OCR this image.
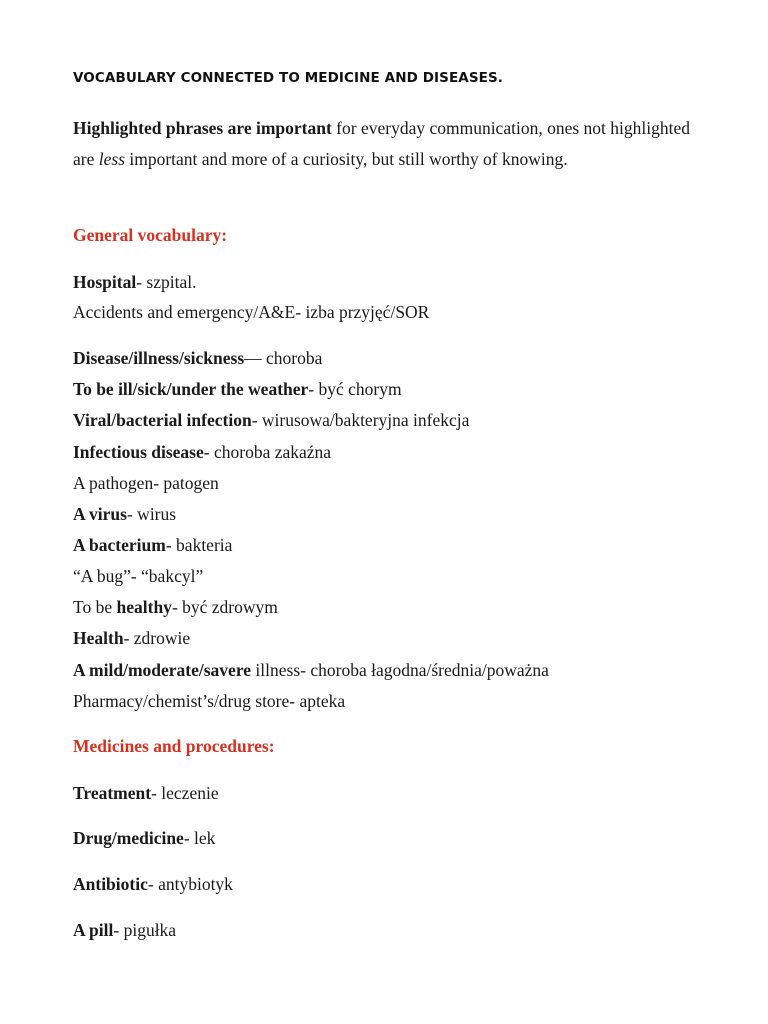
VOCABULARY CONNECTED TO MEDICINE AND DISEASES.
Highlighted phrases are important for everyday communication, ones not highlighted are less important and more of a curiosity, but still worthy of knowing.
General vocabulary:
Hospital- szpital.
Accidents and emergency/A&E- izba przyjęć/SOR
Disease/illness/sickness— choroba
To be ill/sick/under the weather- być chorym
Viral/bacterial infection- wirusowa/bakteryjna infekcja
Infectious disease- choroba zakaźna
A pathogen- patogen
A virus- wirus
A bacterium- bakteria
“A bug”- “bakcyl”
To be healthy- być zdrowym
Health- zdrowie
A mild/moderate/savere illness- choroba łagodna/średnia/poważna
Pharmacy/chemist’s/drug store- apteka
Medicines and procedures:
Treatment- leczenie
Drug/medicine- lek
Antibiotic- antybiotyk
A pill- pigułka
